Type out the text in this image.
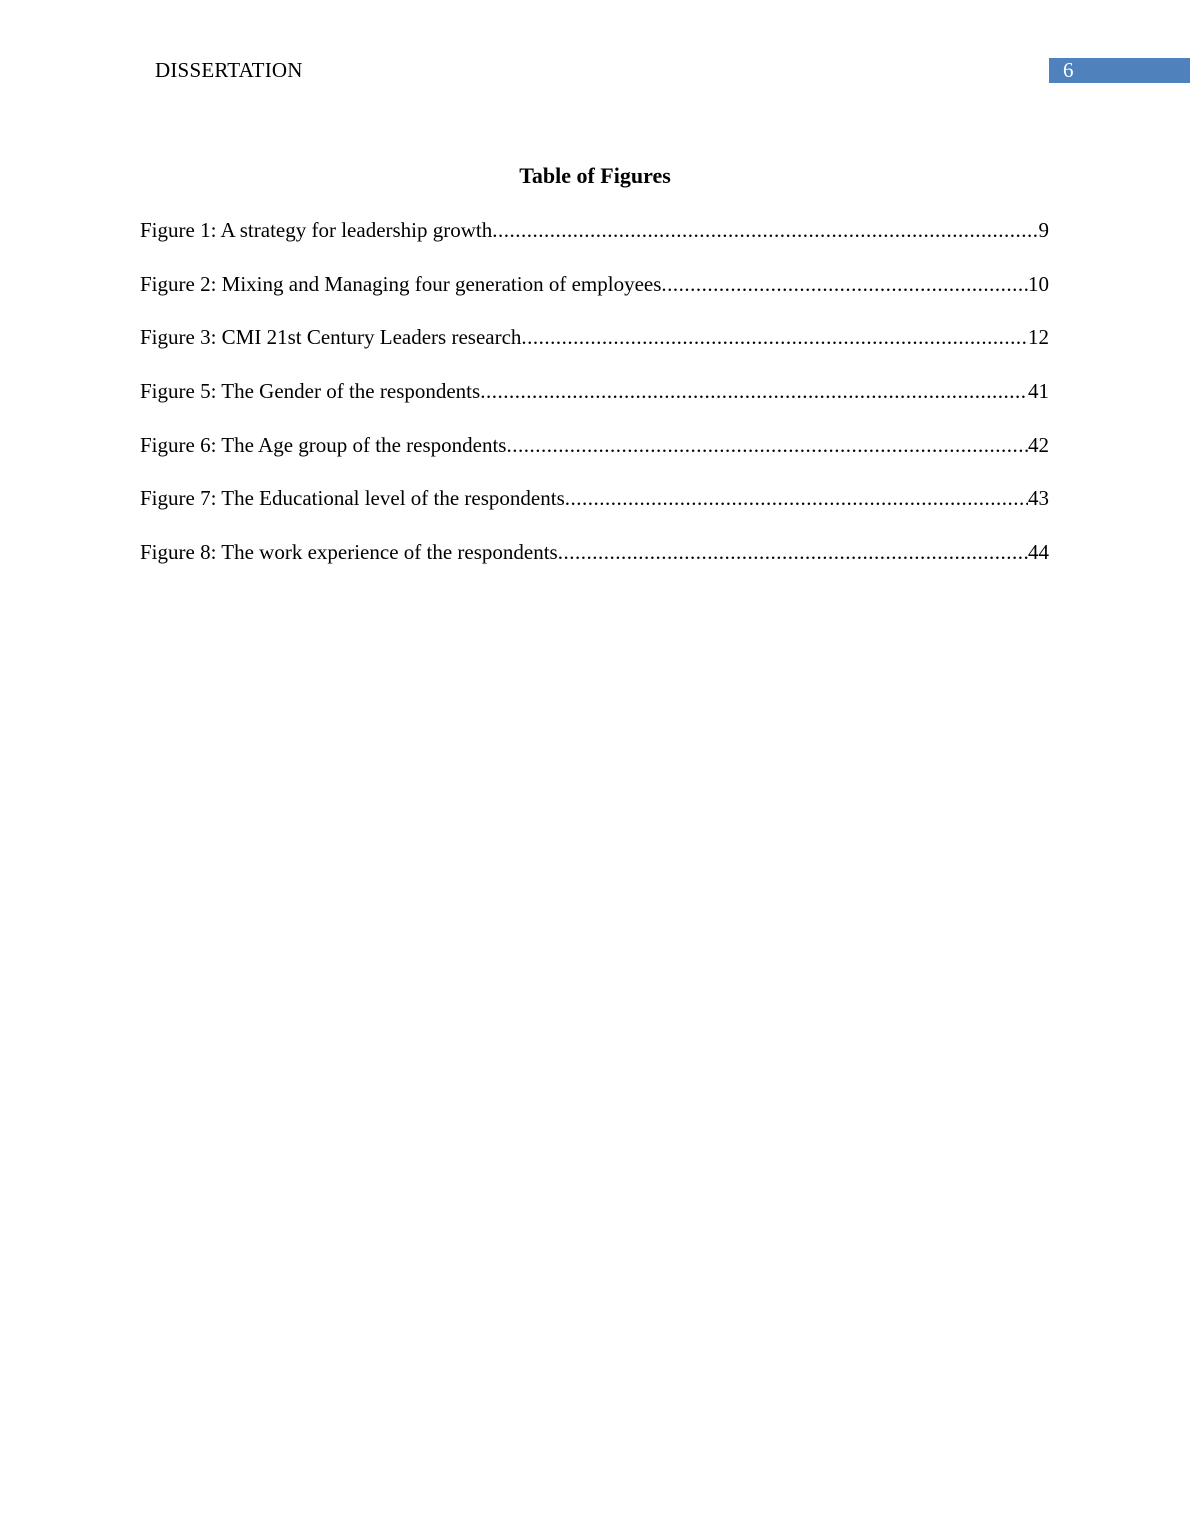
DISSERTATION	6
Table of Figures
Figure 1: A strategy for leadership growth .....	9
Figure 2: Mixing and Managing four generation of employees .....	10
Figure 3: CMI 21st Century Leaders research .....	12
Figure 5: The Gender of the respondents .....	41
Figure 6: The Age group of the respondents .....	42
Figure 7: The Educational level of the respondents .....	43
Figure 8: The work experience of the respondents .....	44
